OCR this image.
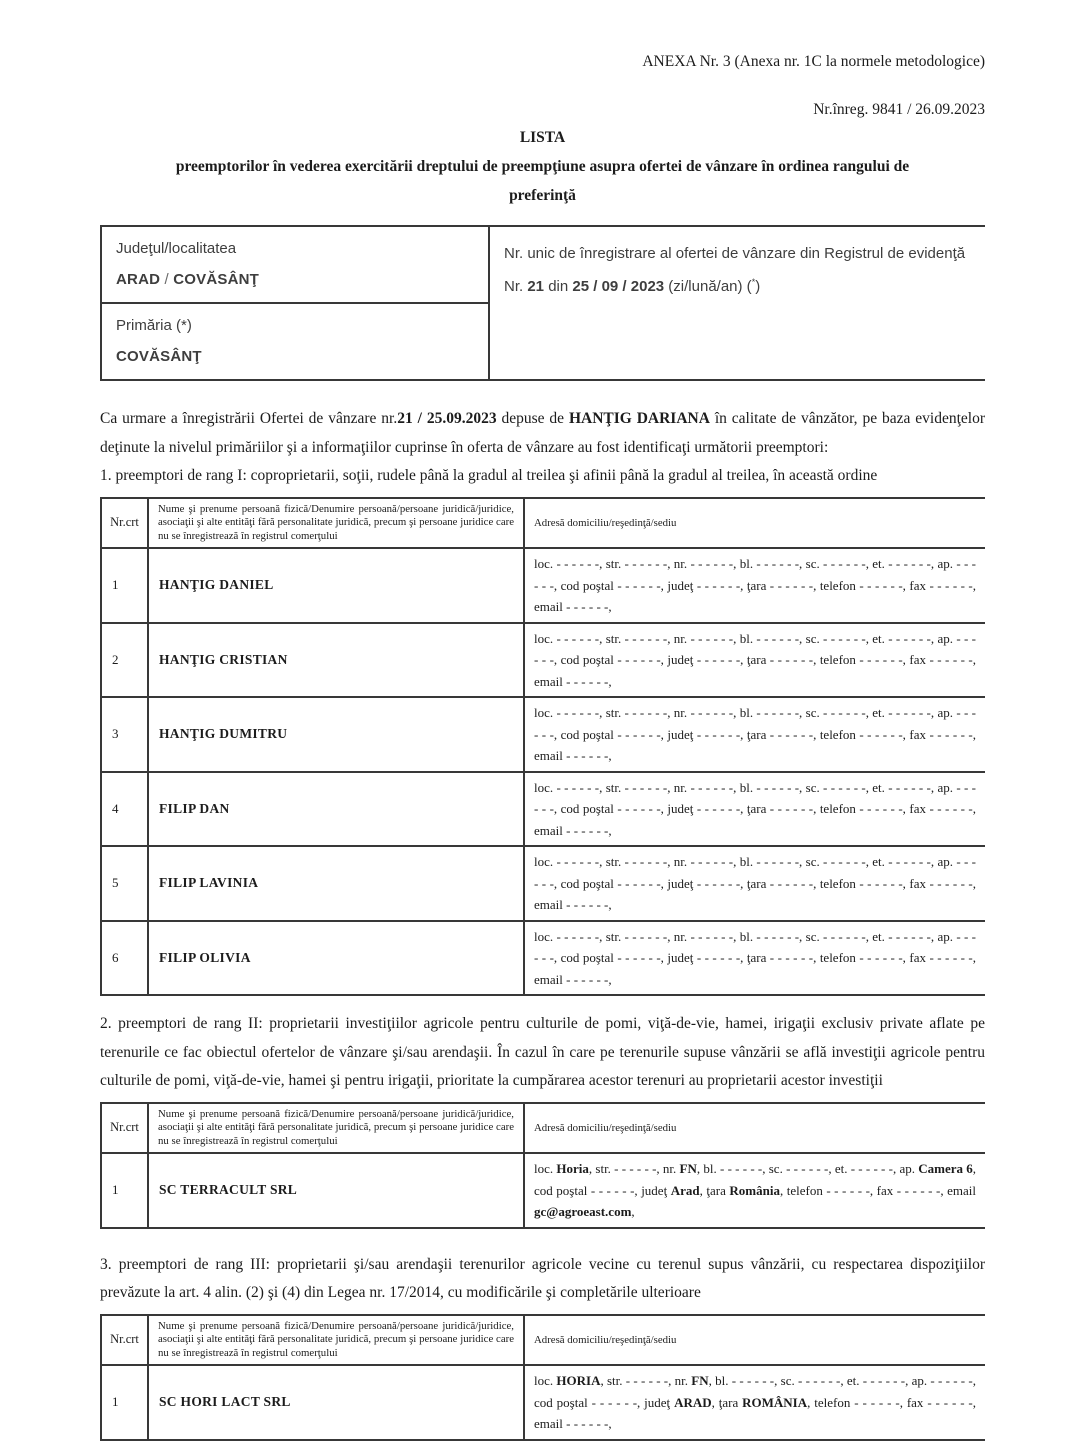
ANEXA Nr. 3 (Anexa nr. 1C la normele metodologice)
Nr.înreg. 9841 / 26.09.2023
LISTA
preemptorilor în vederea exercitării dreptului de preempţiune asupra ofertei de vânzare în ordinea rangului de
preferinţă
Judeţul/localitatea
ARAD / COVĂSÂNŢ

Nr. unic de înregistrare al ofertei de vânzare din Registrul de evidenţă

Nr. 21 din 25 / 09 / 2023 (zi/lună/an) (*)

Primăria (*)
COVĂSÂNŢ

Ca urmare a înregistrării Ofertei de vânzare nr.21 / 25.09.2023 depuse de HANŢIG DARIANA în calitate de vânzător, pe baza evidenţelor deţinute la nivelul primăriilor şi a informaţiilor cuprinse în oferta de vânzare au fost identificaţi următorii preemptori:

1. preemptori de rang I: coproprietarii, soţii, rudele până la gradul al treilea şi afinii până la gradul al treilea, în această ordine

Nr.crt	Nume şi prenume persoană fizică/Denumire persoană/persoane juridică/juridice, asociaţii şi alte entităţi fără personalitate juridică, precum şi persoane juridice care nu se înregistrează în registrul comerţului	Adresă domiciliu/reşedinţă/sediu
1	HANŢIG DANIEL	loc. - - - - - -, str. - - - - - -, nr. - - - - - -, bl. - - - - - -, sc. - - - - - -, et. - - - - - -, ap. - - - - - -, cod poştal - - - - - -, judeţ - - - - - -, ţara - - - - - -, telefon - - - - - -, fax - - - - - -, email - - - - - -,
2	HANŢIG CRISTIAN	loc. - - - - - -, str. - - - - - -, nr. - - - - - -, bl. - - - - - -, sc. - - - - - -, et. - - - - - -, ap. - - - - - -, cod poştal - - - - - -, judeţ - - - - - -, ţara - - - - - -, telefon - - - - - -, fax - - - - - -, email - - - - - -,
3	HANŢIG DUMITRU	loc. - - - - - -, str. - - - - - -, nr. - - - - - -, bl. - - - - - -, sc. - - - - - -, et. - - - - - -, ap. - - - - - -, cod poştal - - - - - -, judeţ - - - - - -, ţara - - - - - -, telefon - - - - - -, fax - - - - - -, email - - - - - -,
4	FILIP DAN	loc. - - - - - -, str. - - - - - -, nr. - - - - - -, bl. - - - - - -, sc. - - - - - -, et. - - - - - -, ap. - - - - - -, cod poştal - - - - - -, judeţ - - - - - -, ţara - - - - - -, telefon - - - - - -, fax - - - - - -, email - - - - - -,
5	FILIP LAVINIA	loc. - - - - - -, str. - - - - - -, nr. - - - - - -, bl. - - - - - -, sc. - - - - - -, et. - - - - - -, ap. - - - - - -, cod poştal - - - - - -, judeţ - - - - - -, ţara - - - - - -, telefon - - - - - -, fax - - - - - -, email - - - - - -,
6	FILIP OLIVIA	loc. - - - - - -, str. - - - - - -, nr. - - - - - -, bl. - - - - - -, sc. - - - - - -, et. - - - - - -, ap. - - - - - -, cod poştal - - - - - -, judeţ - - - - - -, ţara - - - - - -, telefon - - - - - -, fax - - - - - -, email - - - - - -,

2. preemptori de rang II: proprietarii investiţiilor agricole pentru culturile de pomi, viţă-de-vie, hamei, irigaţii exclusiv private aflate pe terenurile ce fac obiectul ofertelor de vânzare şi/sau arendaşii. În cazul în care pe terenurile supuse vânzării se află investiţii agricole pentru culturile de pomi, viţă-de-vie, hamei şi pentru irigaţii, prioritate la cumpărarea acestor terenuri au proprietarii acestor investiţii

Nr.crt	Nume şi prenume persoană fizică/Denumire persoană/persoane juridică/juridice, asociaţii şi alte entităţi fără personalitate juridică, precum şi persoane juridice care nu se înregistrează în registrul comerţului	Adresă domiciliu/reşedinţă/sediu
1	SC TERRACULT SRL	loc. Horia, str. - - - - - -, nr. FN, bl. - - - - - -, sc. - - - - - -, et. - - - - - -, ap. Camera 6, cod poştal - - - - - -, judeţ Arad, ţara România, telefon - - - - - -, fax - - - - - -, email gc@agroeast.com,

3. preemptori de rang III: proprietarii şi/sau arendaşii terenurilor agricole vecine cu terenul supus vânzării, cu respectarea dispoziţiilor prevăzute la art. 4 alin. (2) şi (4) din Legea nr. 17/2014, cu modificările şi completările ulterioare

Nr.crt	Nume şi prenume persoană fizică/Denumire persoană/persoane juridică/juridice, asociaţii şi alte entităţi fără personalitate juridică, precum şi persoane juridice care nu se înregistrează în registrul comerţului	Adresă domiciliu/reşedinţă/sediu
1	SC HORI LACT SRL	loc. HORIA, str. - - - - - -, nr. FN, bl. - - - - - -, sc. - - - - - -, et. - - - - - -, ap. - - - - - -, cod poştal - - - - - -, judeţ ARAD, ţara ROMÂNIA, telefon - - - - - -, fax - - - - - -, email - - - - - -,
